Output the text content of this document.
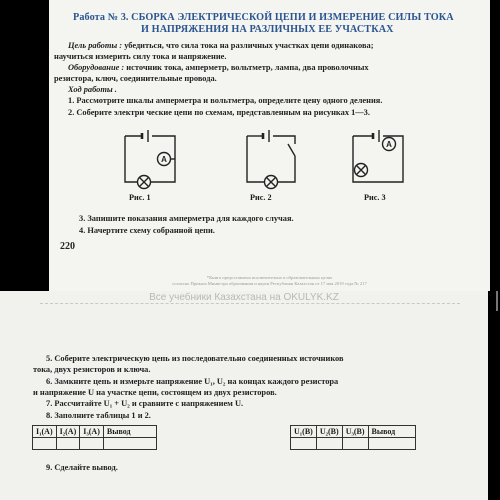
Работа № 3. СБОРКА ЭЛЕКТРИЧЕСКОЙ ЦЕПИ И ИЗМЕРЕНИЕ СИЛЫ ТОКА
И НАПРЯЖЕНИЯ НА РАЗЛИЧНЫХ ЕЕ УЧАСТКАХ
Цель работы : убедиться, что сила тока на различных участках цепи одинакова;
научиться измерить силу тока и напряжение.
Оборудование : источник тока, амперметр, вольтметр, лампа, два проволочных
резистора, ключ, соединительные провода.
Ход работы .
1. Рассмотрите шкалы амперметра и вольтметра, определите цену одного деления.
2. Соберите электри ческие цепи по схемам, представленным на рисунках 1—3.
A
Рис. 1	Рис. 2
A
Рис. 3
3. Запишите показания амперметра для каждого случая.
4. Начертите схему собранной цепи.
220
*Книга предоставлена исключительно в образовательных целях
согласно Приказа Министра образования и науки Республики Казахстан от 17 мая 2019 года № 217
Все учебники Казахстана на OKULYK.KZ
5. Соберите электрическую цепь из последовательно соединенных источников
тока, двух резисторов и ключа.
6. Замкните цепь и измерьте напряжение U₁, U₂ на концах каждого резистора
и напряжение U на участке цепи, состоящем из двух резисторов.
7. Рассчитайте U₁ + U₂ и сравните с напряжением U.
8. Заполните таблицы 1 и 2.
I₁(A)	I₂(A)	I₃(A)	Вывод
				U₁(B)	U₂(B)	U₃(B)	Вывод

9. Сделайте вывод.
